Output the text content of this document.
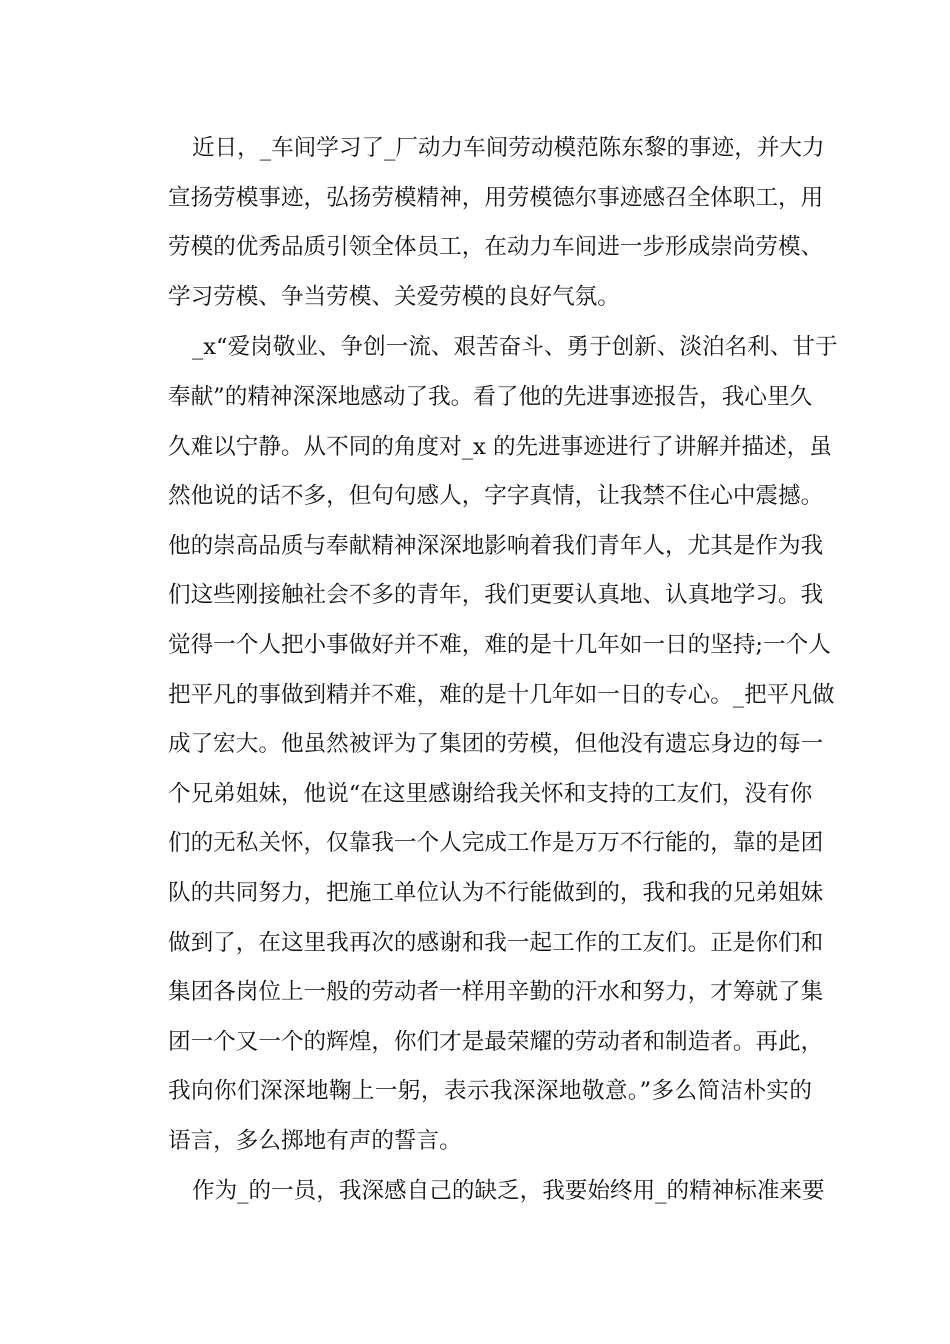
近日，_车间学习了_厂动力车间劳动模范陈东黎的事迹，并大力
宣扬劳模事迹，弘扬劳模精神，用劳模德尔事迹感召全体职工，用
劳模的优秀品质引领全体员工，在动力车间进一步形成崇尚劳模、
学习劳模、争当劳模、关爱劳模的良好气氛。
_x“爱岗敬业、争创一流、艰苦奋斗、勇于创新、淡泊名利、甘于
奉献”的精神深深地感动了我。看了他的先进事迹报告，我心里久
久难以宁静。从不同的角度对_x 的先进事迹进行了讲解并描述，虽
然他说的话不多，但句句感人，字字真情，让我禁不住心中震撼。
他的崇高品质与奉献精神深深地影响着我们青年人，尤其是作为我
们这些刚接触社会不多的青年，我们更要认真地、认真地学习。我
觉得一个人把小事做好并不难，难的是十几年如一日的坚持;一个人
把平凡的事做到精并不难，难的是十几年如一日的专心。_把平凡做
成了宏大。他虽然被评为了集团的劳模，但他没有遗忘身边的每一
个兄弟姐妹，他说“在这里感谢给我关怀和支持的工友们，没有你
们的无私关怀，仅靠我一个人完成工作是万万不行能的，靠的是团
队的共同努力，把施工单位认为不行能做到的，我和我的兄弟姐妹
做到了，在这里我再次的感谢和我一起工作的工友们。正是你们和
集团各岗位上一般的劳动者一样用辛勤的汗水和努力，才筹就了集
团一个又一个的辉煌，你们才是最荣耀的劳动者和制造者。再此，
我向你们深深地鞠上一躬，表示我深深地敬意。”多么简洁朴实的
语言，多么掷地有声的誓言。
作为_的一员，我深感自己的缺乏，我要始终用_的精神标准来要
